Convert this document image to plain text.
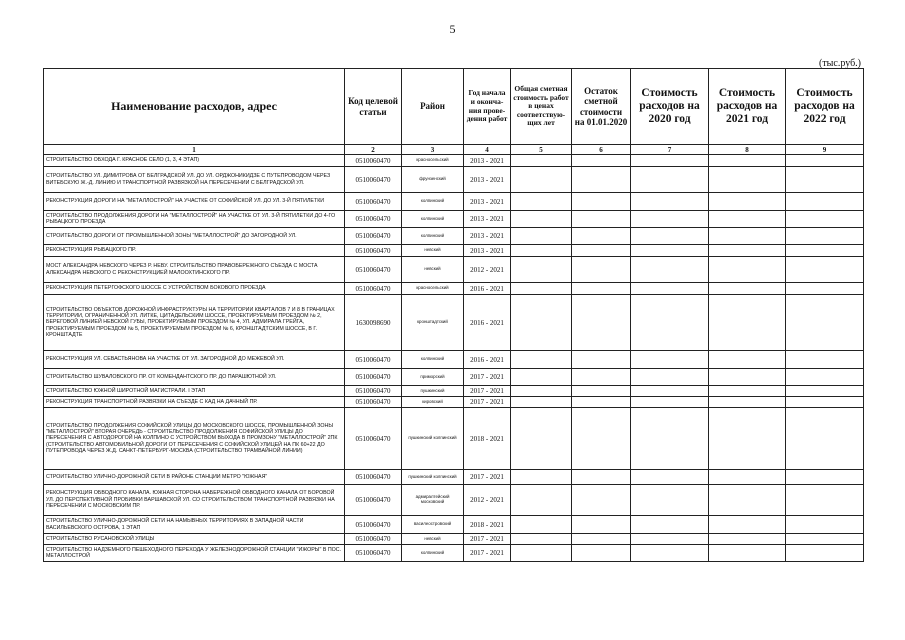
5
(тыс.руб.)
Наименование расходов, адрес	Код целевой статьи	Район	Год начала и оконча-ния прове-дения работ	Общая сметная стоимость работ в ценах соответствую-щих лет	Остаток сметной стоимости на 01.01.2020	Стоимость расходов на 2020 год	Стоимость расходов на 2021 год	Стоимость расходов на 2022 год
1	2	3	4	5	6	7	8	9
СТРОИТЕЛЬСТВО ОБХОДА Г. КРАСНОЕ СЕЛО (1, 3, 4 ЭТАП)	0510060470	красносельский	2013 - 2021					
СТРОИТЕЛЬСТВО УЛ. ДИМИТРОВА ОТ БЕЛГРАДСКОЙ УЛ. ДО УЛ. ОРДЖОНИКИДЗЕ С ПУТЕПРОВОДОМ ЧЕРЕЗ ВИТЕБСКУЮ Ж.-Д. ЛИНИЮ И ТРАНСПОРТНОЙ РАЗВЯЗКОЙ НА ПЕРЕСЕЧЕНИИ С БЕЛГРАДСКОЙ УЛ.	0510060470	фрунзенский	2013 - 2021					
РЕКОНСТРУКЦИЯ ДОРОГИ НА "МЕТАЛЛОСТРОЙ" НА УЧАСТКЕ ОТ СОФИЙСКОЙ УЛ. ДО УЛ. 3-Й ПЯТИЛЕТКИ	0510060470	колпинский	2013 - 2021					
СТРОИТЕЛЬСТВО ПРОДОЛЖЕНИЯ ДОРОГИ НА "МЕТАЛЛОСТРОЙ" НА УЧАСТКЕ ОТ УЛ. 3-Й ПЯТИЛЕТКИ ДО 4-ГО РЫБАЦКОГО ПРОЕЗДА	0510060470	колпинский	2013 - 2021					
СТРОИТЕЛЬСТВО ДОРОГИ ОТ ПРОМЫШЛЕННОЙ ЗОНЫ "МЕТАЛЛОСТРОЙ" ДО ЗАГОРОДНОЙ УЛ.	0510060470	колпинский	2013 - 2021					
РЕКОНСТРУКЦИЯ РЫБАЦКОГО ПР.	0510060470	невский	2013 - 2021					
МОСТ АЛЕКСАНДРА НЕВСКОГО ЧЕРЕЗ Р. НЕВУ. СТРОИТЕЛЬСТВО ПРАВОБЕРЕЖНОГО СЪЕЗДА С МОСТА АЛЕКСАНДРА НЕВСКОГО С РЕКОНСТРУКЦИЕЙ МАЛООХТИНСКОГО ПР.	0510060470	невский	2012 - 2021					
РЕКОНСТРУКЦИЯ ПЕТЕРГОФСКОГО ШОССЕ С УСТРОЙСТВОМ БОКОВОГО ПРОЕЗДА	0510060470	красносельский	2016 - 2021					
СТРОИТЕЛЬСТВО ОБЪЕКТОВ ДОРОЖНОЙ ИНФРАСТРУКТУРЫ НА ТЕРРИТОРИИ КВАРТАЛОВ 7 И 8 В ГРАНИЦАХ ТЕРРИТОРИИ, ОГРАНИЧЕННОЙ УЛ. ЛИТКЕ, ЦИТАДЕЛЬСКИМ ШОССЕ, ПРОЕКТИРУЕМЫМ ПРОЕЗДОМ № 2, БЕРЕГОВОЙ ЛИНИЕЙ НЕВСКОЙ ГУБЫ, ПРОЕКТИРУЕМЫМ ПРОЕЗДОМ № 4, УЛ. АДМИРАЛА ГРЕЙГА, ПРОЕКТИРУЕМЫМ ПРОЕЗДОМ № 5, ПРОЕКТИРУЕМЫМ ПРОЕЗДОМ № 6, КРОНШТАДТСКИМ ШОССЕ, В Г. КРОНШТАДТЕ	1630098690	кронштадтский	2016 - 2021					
РЕКОНСТРУКЦИЯ УЛ. СЕВАСТЬЯНОВА НА УЧАСТКЕ ОТ УЛ. ЗАГОРОДНОЙ ДО МЕЖЕВОЙ УЛ.	0510060470	колпинский	2016 - 2021					
СТРОИТЕЛЬСТВО ШУВАЛОВСКОГО ПР. ОТ КОМЕНДАНТСКОГО ПР. ДО ПАРАШЮТНОЙ УЛ.	0510060470	приморский	2017 - 2021					
СТРОИТЕЛЬСТВО ЮЖНОЙ ШИРОТНОЙ МАГИСТРАЛИ. I ЭТАП	0510060470	пушкинский	2017 - 2021					
РЕКОНСТРУКЦИЯ ТРАНСПОРТНОЙ РАЗВЯЗКИ НА СЪЕЗДЕ С КАД НА ДАЧНЫЙ ПР.	0510060470	кировский	2017 - 2021					
СТРОИТЕЛЬСТВО ПРОДОЛЖЕНИЯ СОФИЙСКОЙ УЛИЦЫ ДО МОСКОВСКОГО ШОССЕ, ПРОМЫШЛЕННОЙ ЗОНЫ "МЕТАЛЛОСТРОЙ" ВТОРАЯ ОЧЕРЕДЬ - СТРОИТЕЛЬСТВО ПРОДОЛЖЕНИЯ СОФИЙСКОЙ УЛИЦЫ ДО ПЕРЕСЕЧЕНИЯ С АВТОДОРОГОЙ НА КОЛПИНО С УСТРОЙСТВОМ ВЫХОДА В ПРОМЗОНУ "МЕТАЛЛОСТРОЙ" 2ПК (СТРОИТЕЛЬСТВО АВТОМОБИЛЬНОЙ ДОРОГИ ОТ ПЕРЕСЕЧЕНИЯ С СОФИЙСКОЙ УЛИЦЕЙ НА ПК 60+22 ДО ПУТЕПРОВОДА ЧЕРЕЗ Ж.Д. САНКТ-ПЕТЕРБУРГ-МОСКВА (СТРОИТЕЛЬСТВО ТРАМВАЙНОЙ ЛИНИИ)	0510060470	пушкинский колпинский	2018 - 2021					
СТРОИТЕЛЬСТВО УЛИЧНО-ДОРОЖНОЙ СЕТИ В РАЙОНЕ СТАНЦИИ МЕТРО "ЮЖНАЯ"	0510060470	пушкинский колпинский	2017 - 2021					
РЕКОНСТРУКЦИЯ ОБВОДНОГО КАНАЛА. ЮЖНАЯ СТОРОНА НАБЕРЕЖНОЙ ОБВОДНОГО КАНАЛА ОТ БОРОВОЙ УЛ. ДО ПЕРСПЕКТИВНОЙ ПРОБИВКИ ВАРШАВСКОЙ УЛ. СО СТРОИТЕЛЬСТВОМ ТРАНСПОРТНОЙ РАЗВЯЗКИ НА ПЕРЕСЕЧЕНИИ С МОСКОВСКИМ ПР.	0510060470	адмиралтейский московский	2012 - 2021					
СТРОИТЕЛЬСТВО УЛИЧНО-ДОРОЖНОЙ СЕТИ НА НАМЫВНЫХ ТЕРРИТОРИЯХ В ЗАПАДНОЙ ЧАСТИ ВАСИЛЬЕВСКОГО ОСТРОВА, 1 ЭТАП	0510060470	василеостровский	2018 - 2021					
СТРОИТЕЛЬСТВО РУСАНОВСКОЙ УЛИЦЫ	0510060470	невский	2017 - 2021					
СТРОИТЕЛЬСТВО НАДЗЕМНОГО ПЕШЕХОДНОГО ПЕРЕХОДА У ЖЕЛЕЗНОДОРОЖНОЙ СТАНЦИИ "ИЖОРЫ" В ПОС. МЕТАЛЛОСТРОЙ	0510060470	колпинский	2017 - 2021					
